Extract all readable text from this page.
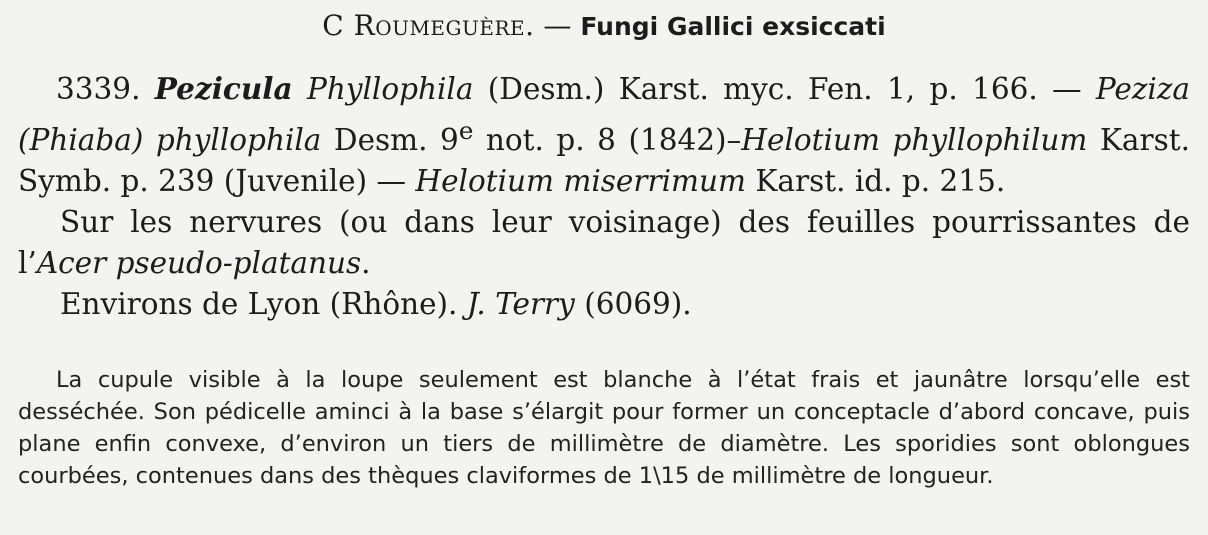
C Roumeguère. — Fungi Gallici exsiccati

3339. Pezicula Phyllophila (Desm.) Karst. myc. Fen. 1, p. 166. — Peziza (Phiaba) phyllophila Desm. 9e not. p. 8 (1842)–Helotium phyllophilum Karst. Symb. p. 239 (Juvenile) — Helotium miserrimum Karst. id. p. 215.

Sur les nervures (ou dans leur voisinage) des feuilles pourrissantes de l’Acer pseudo-platanus.

Environs de Lyon (Rhône). J. Terry (6069).

La cupule visible à la loupe seulement est blanche à l’état frais et jaunâtre lorsqu’elle est desséchée. Son pédicelle aminci à la base s’élargit pour former un conceptacle d’abord concave, puis plane enfin convexe, d’environ un tiers de millimètre de diamètre. Les sporidies sont oblongues courbées, contenues dans des thèques claviformes de 1\15 de millimètre de longueur.
